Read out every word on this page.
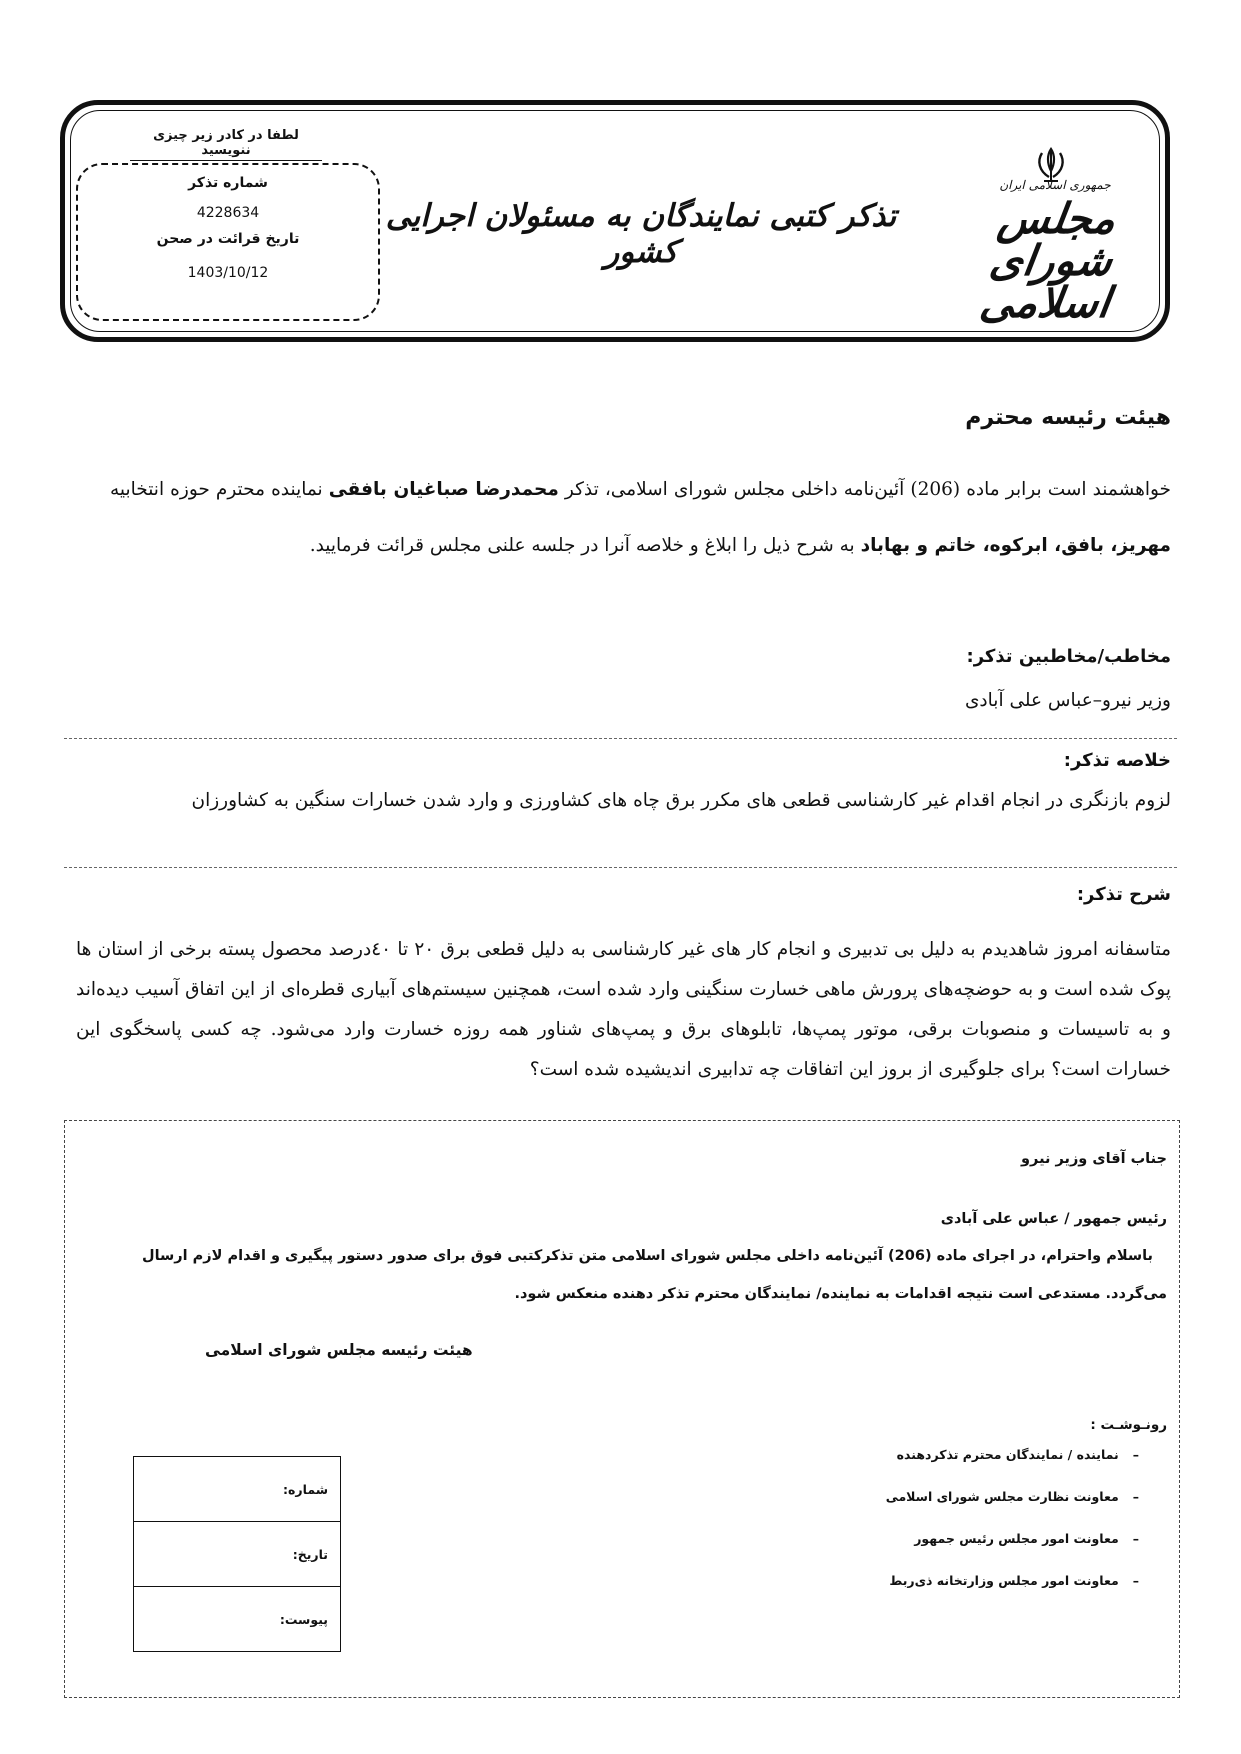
جمهوری اسلامی ایران
مجلس شورای اسلامی
تذکر کتبی نمایندگان به مسئولان اجرایی کشور
لطفا در کادر زیر چیزی ننویسید
شماره تذکر
4228634
تاریخ قرائت در صحن
1403/10/12
هیئت رئیسه محترم
خواهشمند است برابر ماده (206) آئین‌نامه داخلی مجلس شورای اسلامی، تذکر محمدرضا صباغیان بافقی نماینده محترم حوزه انتخابیه مهریز، بافق، ابرکوه، خاتم و بهاباد به شرح ذیل را ابلاغ و خلاصه آنرا در جلسه علنی مجلس قرائت فرمایید.
مخاطب/مخاطبین تذکر:
وزیر نیرو–عباس علی آبادی
خلاصه تذکر:
لزوم بازنگری در انجام اقدام غیر کارشناسی قطعی های مکرر برق چاه های کشاورزی و وارد شدن خسارات سنگین به کشاورزان
شرح تذکر:
متاسفانه امروز شاهدیدم به دلیل بی تدبیری و انجام کار های غیر کارشناسی به دلیل قطعی برق ۲۰ تا ٤۰درصد محصول پسته برخی از استان ها پوک شده است و به حوضچه‌های پرورش ماهی خسارت سنگینی وارد شده است، همچنین سیستم‌های آبیاری قطره‌ای از این اتفاق آسیب دیده‌اند و به تاسیسات و منصوبات برقی، موتور پمپ‌ها، تابلوهای برق و پمپ‌های شناور همه روزه خسارت وارد می‌شود. چه کسی پاسخگوی این خسارات است؟ برای جلوگیری از بروز این اتفاقات چه تدابیری اندیشیده شده است؟
جناب آقای وزیر نیرو
رئیس جمهور / عباس علی آبادی
باسلام واحترام، در اجرای ماده (206) آئین‌نامه داخلی مجلس شورای اسلامی متن تذکرکتبی فوق برای صدور دستور پیگیری و اقدام لازم ارسال می‌گردد. مستدعی است نتیجه اقدامات به نماینده/ نمایندگان محترم تذکر دهنده منعکس شود.
هیئت رئیسه مجلس شورای اسلامی
رونـوشـت :
– نماینده / نمایندگان محترم تذکردهنده
– معاونت نظارت مجلس شورای اسلامی
– معاونت امور مجلس رئیس جمهور
– معاونت امور مجلس وزارتخانه ذی‌ربط
شماره:
تاریخ:
پیوست:
